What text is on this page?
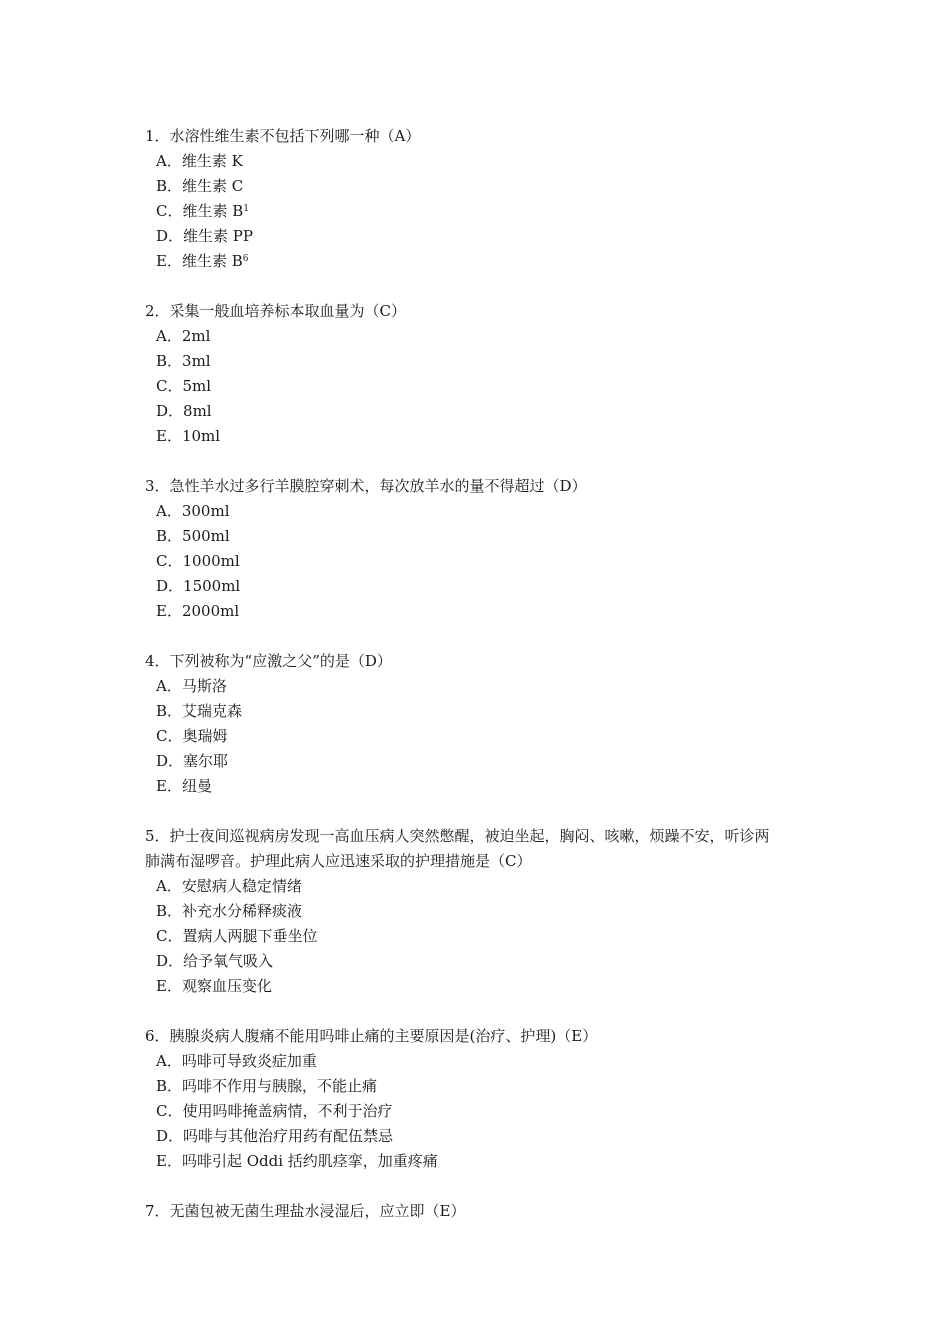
1．水溶性维生素不包括下列哪一种（A）
A．维生素 K
B．维生素 C
C．维生素 $B^1$
D．维生素 PP
E．维生素 $B^6$
2．采集一般血培养标本取血量为（C）
A．2ml
B．3ml
C．5ml
D．8ml
E．10ml
3．急性羊水过多行羊膜腔穿刺术，每次放羊水的量不得超过（D）
A．300ml
B．500ml
C．1000ml
D．1500ml
E．2000ml
4．下列被称为“应激之父”的是（D）
A．马斯洛
B．艾瑞克森
C．奥瑞姆
D．塞尔耶
E．纽曼
5．护士夜间巡视病房发现一高血压病人突然憋醒，被迫坐起，胸闷、咳嗽，烦躁不安，听诊两
肺满布湿啰音。护理此病人应迅速采取的护理措施是（C）
A．安慰病人稳定情绪
B．补充水分稀释痰液
C．置病人两腿下垂坐位
D．给予氧气吸入
E．观察血压变化
6．胰腺炎病人腹痛不能用吗啡止痛的主要原因是(治疗、护理)（E）
A．吗啡可导致炎症加重
B．吗啡不作用与胰腺，不能止痛
C．使用吗啡掩盖病情，不利于治疗
D．吗啡与其他治疗用药有配伍禁忌
E．吗啡引起 Oddi 括约肌痉挛，加重疼痛
7．无菌包被无菌生理盐水浸湿后，应立即（E）
